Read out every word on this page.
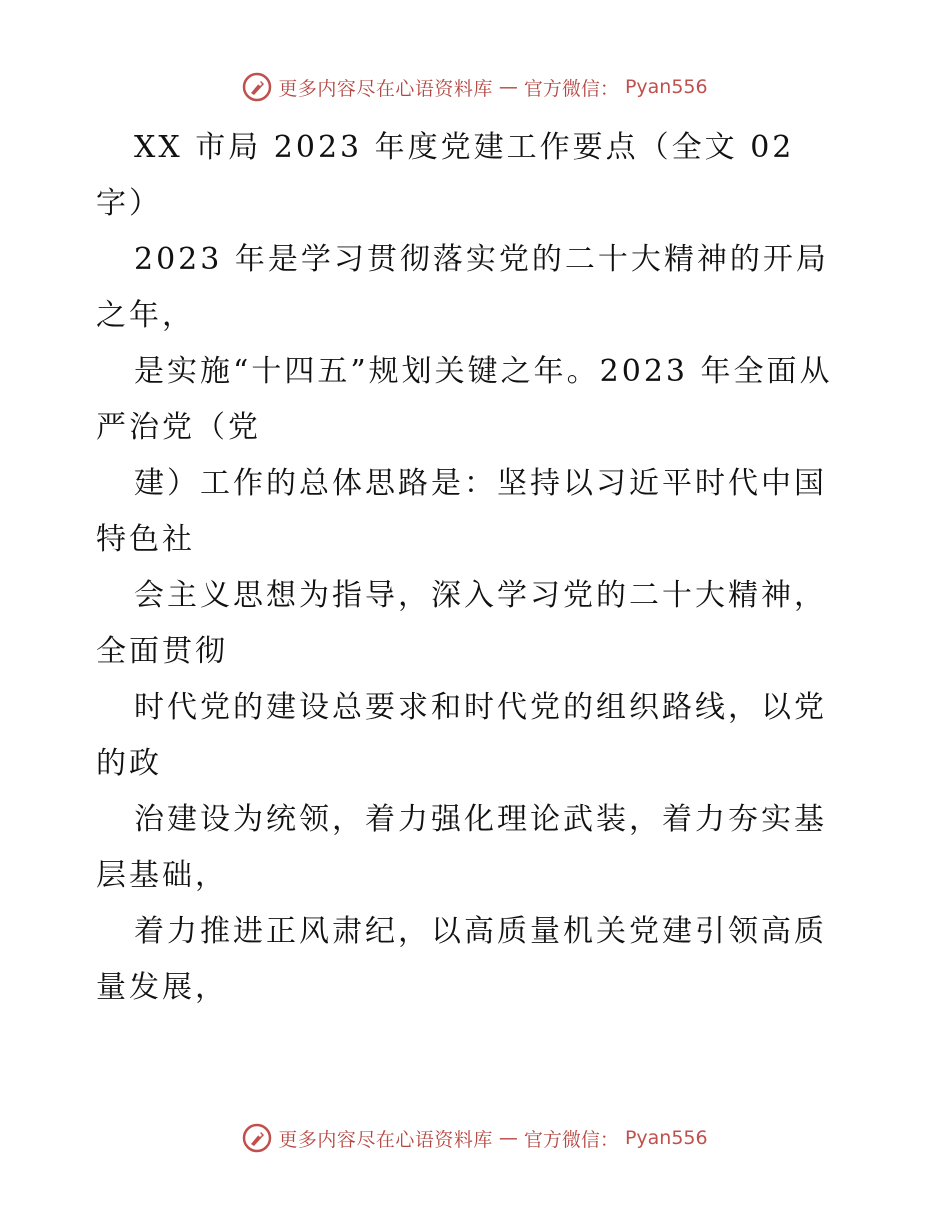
更多内容尽在心语资料库 — 官方微信： Pyan556

XX 市局 2023 年度党建工作要点（全文 02字）

2023 年是学习贯彻落实党的二十大精神的开局之年，

是实施“十四五”规划关键之年。2023 年全面从严治党（党

建）工作的总体思路是：坚持以习近平时代中国特色社

会主义思想为指导，深入学习党的二十大精神，全面贯彻

时代党的建设总要求和时代党的组织路线，以党的政

治建设为统领，着力强化理论武装，着力夯实基层基础，

着力推进正风肃纪，以高质量机关党建引领高质量发展，

更多内容尽在心语资料库 — 官方微信： Pyan556
